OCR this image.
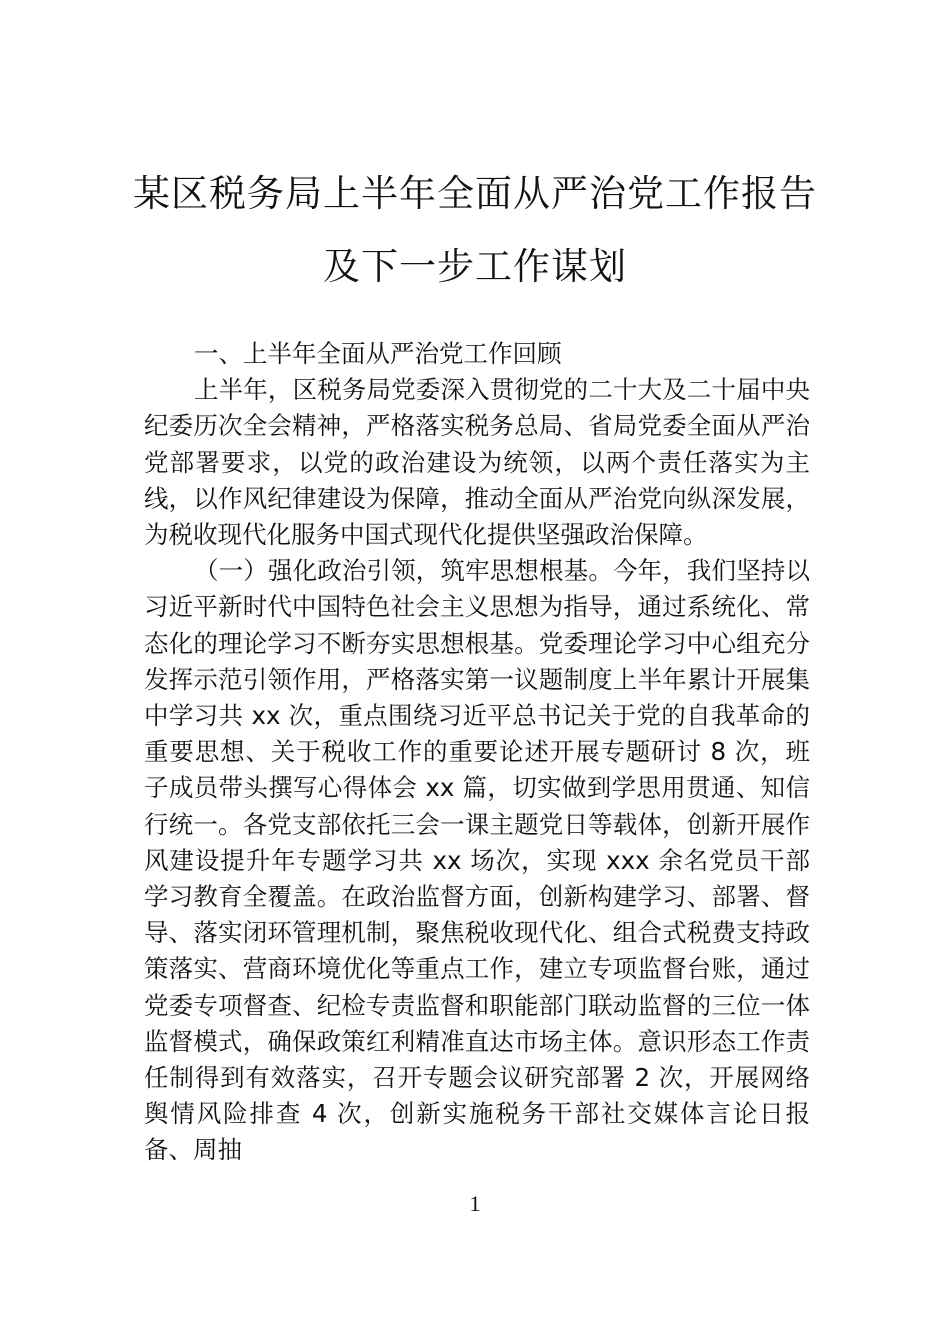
某区税务局上半年全面从严治党工作报告
及下一步工作谋划

一、上半年全面从严治党工作回顾

上半年，区税务局党委深入贯彻党的二十大及二十届中央纪委历次全会精神，严格落实税务总局、省局党委全面从严治党部署要求，以党的政治建设为统领，以两个责任落实为主线，以作风纪律建设为保障，推动全面从严治党向纵深发展，为税收现代化服务中国式现代化提供坚强政治保障。

（一）强化政治引领，筑牢思想根基。今年，我们坚持以习近平新时代中国特色社会主义思想为指导，通过系统化、常态化的理论学习不断夯实思想根基。党委理论学习中心组充分发挥示范引领作用，严格落实第一议题制度上半年累计开展集中学习共 xx 次，重点围绕习近平总书记关于党的自我革命的重要思想、关于税收工作的重要论述开展专题研讨 8 次，班子成员带头撰写心得体会 xx 篇，切实做到学思用贯通、知信行统一。各党支部依托三会一课主题党日等载体，创新开展作风建设提升年专题学习共 xx 场次，实现 xxx 余名党员干部学习教育全覆盖。在政治监督方面，创新构建学习、部署、督导、落实闭环管理机制，聚焦税收现代化、组合式税费支持政策落实、营商环境优化等重点工作，建立专项监督台账，通过党委专项督查、纪检专责监督和职能部门联动监督的三位一体监督模式，确保政策红利精准直达市场主体。意识形态工作责任制得到有效落实，召开专题会议研究部署 2 次，开展网络舆情风险排查 4 次，创新实施税务干部社交媒体言论日报备、周抽

1
